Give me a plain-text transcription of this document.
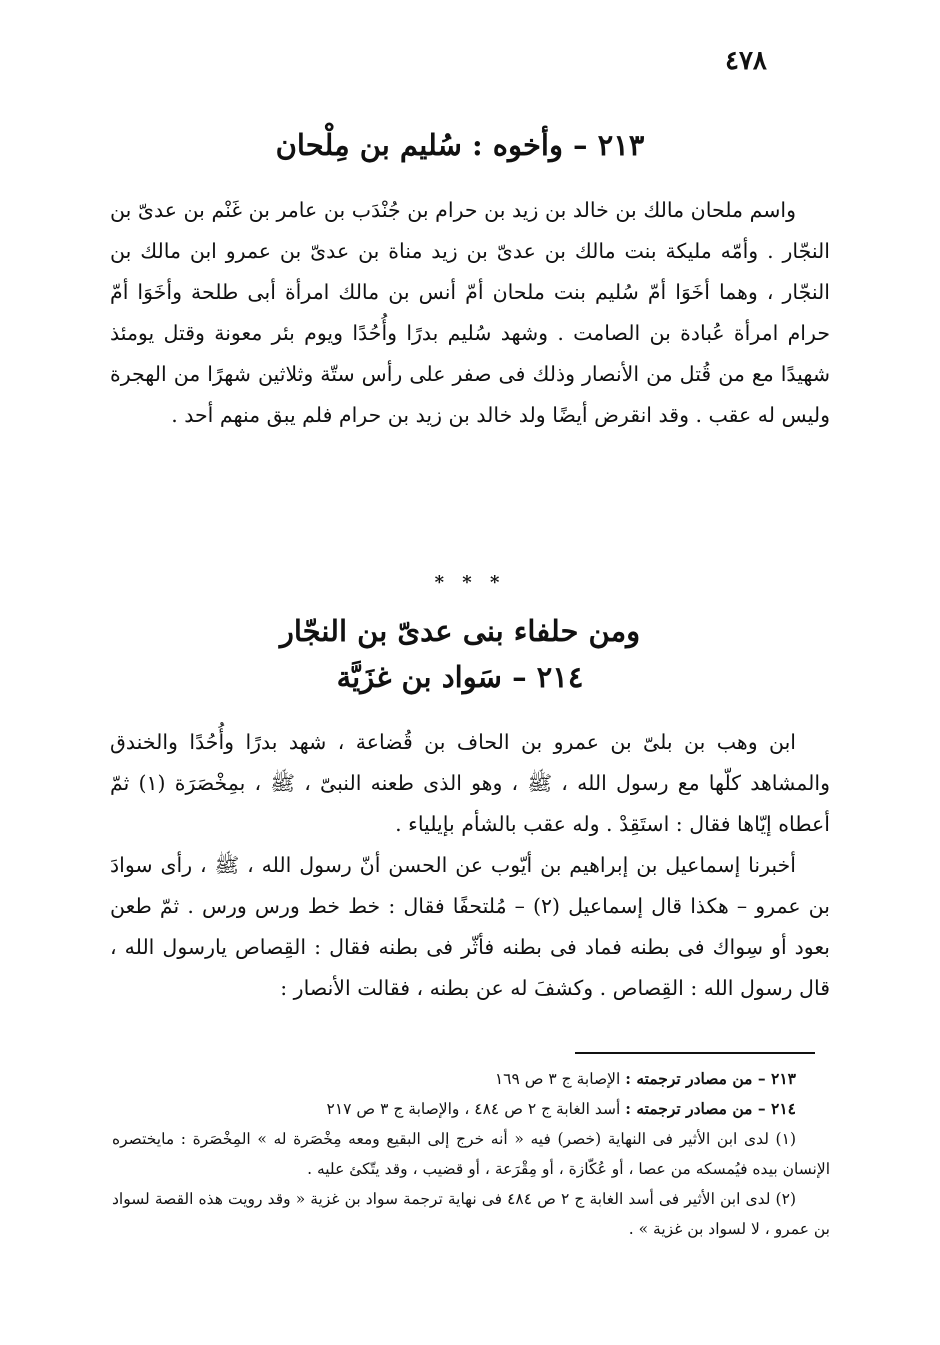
٤٧٨
٢١٣ – وأخوه : سُليم بن مِلْحان

واسم ملحان مالك بن خالد بن زيد بن حرام بن جُنْدَب بن عامر بن غَنْم بن عدىّ بن النجّار . وأمّه مليكة بنت مالك بن عدىّ بن زيد مناة بن عدىّ بن عمرو ابن مالك بن النجّار ، وهما أخَوَا أمّ سُليم بنت ملحان أمّ أنس بن مالك امرأة أبى طلحة وأخَوَا أمّ حرام امرأة عُبادة بن الصامت . وشهد سُليم بدرًا وأُحُدًا ويوم بئر معونة وقتل يومئذ شهيدًا مع من قُتل من الأنصار وذلك فى صفر على رأس ستّة وثلاثين شهرًا من الهجرة وليس له عقب . وقد انقرض أيضًا ولد خالد بن زيد بن حرام فلم يبق منهم أحد .

* * *
ومن حلفاء بنى عدىّ بن النجّار
٢١٤ – سَواد بن غزَيَّة

ابن وهب بن بلىّ بن عمرو بن الحاف بن قُضاعة ، شهد بدرًا وأُحُدًا والخندق والمشاهد كلّها مع رسول الله ، ﷺ ، وهو الذى طعنه النبىّ ، ﷺ ، بمِخْصَرَة (١) ثمّ أعطاه إيّاها فقال : استَقِدْ . وله عقب بالشأم بإيلياء .

أخبرنا إسماعيل بن إبراهيم بن أيّوب عن الحسن أنّ رسول الله ، ﷺ ، رأى سوادَ بن عمرو – هكذا قال إسماعيل (٢) – مُلتحفًا فقال : خط خط ورس ورس . ثمّ طعن بعود أو سِواك فى بطنه فماد فى بطنه فأثّر فى بطنه فقال : القِصاص يارسول الله ، قال رسول الله : القِصاص . وكشفَ له عن بطنه ، فقالت الأنصار :

٢١٣ – من مصادر ترجمته : الإصابة ج ٣ ص ١٦٩

٢١٤ – من مصادر ترجمته : أسد الغابة ج ٢ ص ٤٨٤ ، والإصابة ج ٣ ص ٢١٧

(١) لدى ابن الأثير فى النهاية (خصر) فيه « أنه خرج إلى البقيع ومعه مِخْصَرة له » المِخْصَرة : مايختصره الإنسان بيده فيُمسكه من عصا ، أو عُكّازة ، أو مِقْرَعة ، أو قضيب ، وقد يتّكئ عليه .

(٢) لدى ابن الأثير فى أسد الغابة ج ٢ ص ٤٨٤ فى نهاية ترجمة سواد بن غزية « وقد رويت هذه القصة لسواد بن عمرو ، لا لسواد بن غزية » .
